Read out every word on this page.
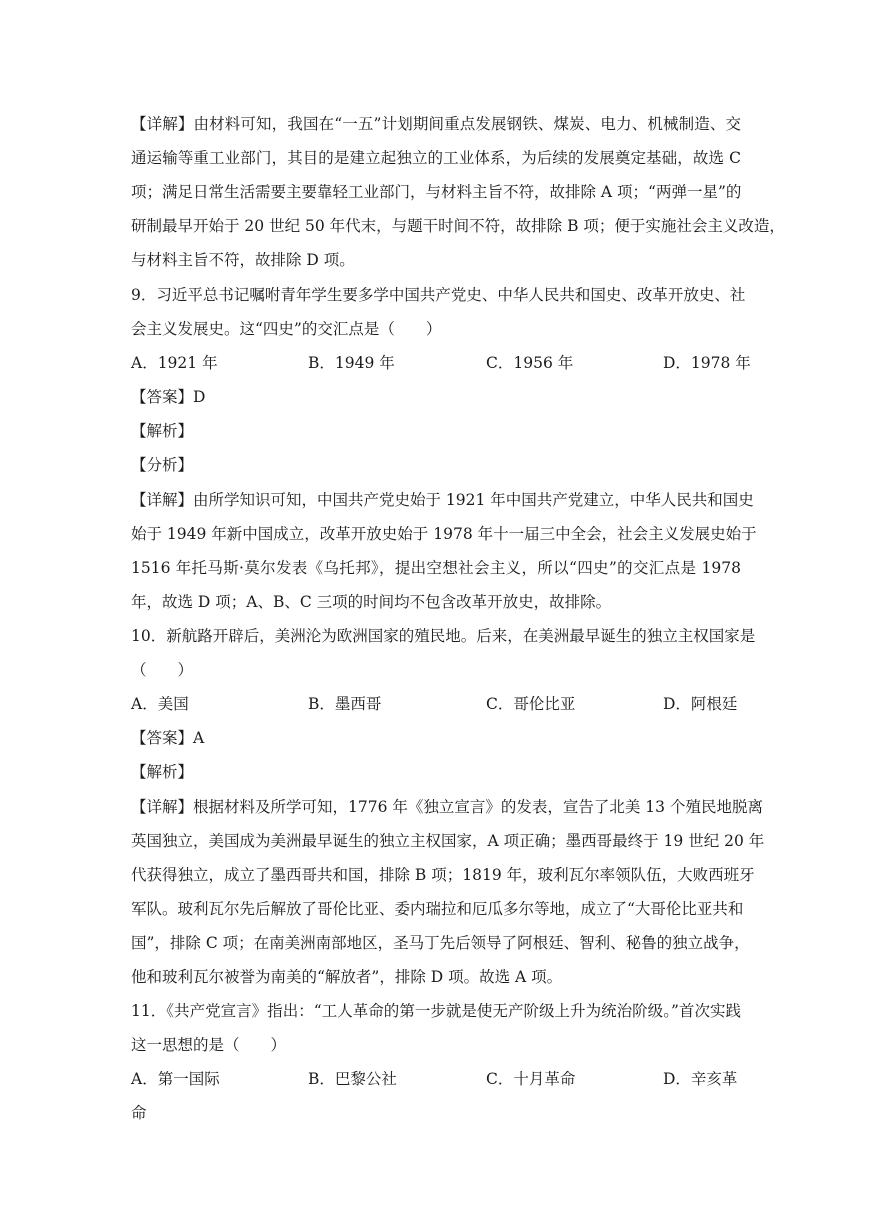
【详解】由材料可知，我国在“一五”计划期间重点发展钢铁、煤炭、电力、机械制造、交
通运输等重工业部门，其目的是建立起独立的工业体系，为后续的发展奠定基础，故选 C
项；满足日常生活需要主要靠轻工业部门，与材料主旨不符，故排除 A 项；“两弹一星”的
研制最早开始于 20 世纪 50 年代末，与题干时间不符，故排除 B 项；便于实施社会主义改造，
与材料主旨不符，故排除 D 项。
9．习近平总书记嘱咐青年学生要多学中国共产党史、中华人民共和国史、改革开放史、社
会主义发展史。这“四史”的交汇点是（　　）
A．1921 年	B．1949 年	C．1956 年	D．1978 年
【答案】D
【解析】
【分析】
【详解】由所学知识可知，中国共产党史始于 1921 年中国共产党建立，中华人民共和国史
始于 1949 年新中国成立，改革开放史始于 1978 年十一届三中全会，社会主义发展史始于
1516 年托马斯·莫尔发表《乌托邦》，提出空想社会主义，所以“四史”的交汇点是 1978
年，故选 D 项；A、B、C 三项的时间均不包含改革开放史，故排除。
10．新航路开辟后，美洲沦为欧洲国家的殖民地。后来，在美洲最早诞生的独立主权国家是
（　　）
A．美国	B．墨西哥	C．哥伦比亚	D．阿根廷
【答案】A
【解析】
【详解】根据材料及所学可知，1776 年《独立宣言》的发表，宣告了北美 13 个殖民地脱离
英国独立，美国成为美洲最早诞生的独立主权国家，A 项正确；墨西哥最终于 19 世纪 20 年
代获得独立，成立了墨西哥共和国，排除 B 项；1819 年，玻利瓦尔率领队伍，大败西班牙
军队。玻利瓦尔先后解放了哥伦比亚、委内瑞拉和厄瓜多尔等地，成立了“大哥伦比亚共和
国”，排除 C 项；在南美洲南部地区，圣马丁先后领导了阿根廷、智利、秘鲁的独立战争，
他和玻利瓦尔被誉为南美的“解放者”，排除 D 项。故选 A 项。
11．《共产党宣言》指出：“工人革命的第一步就是使无产阶级上升为统治阶级。”首次实践
这一思想的是（　　）
A．第一国际	B．巴黎公社	C．十月革命	D．辛亥革
命
